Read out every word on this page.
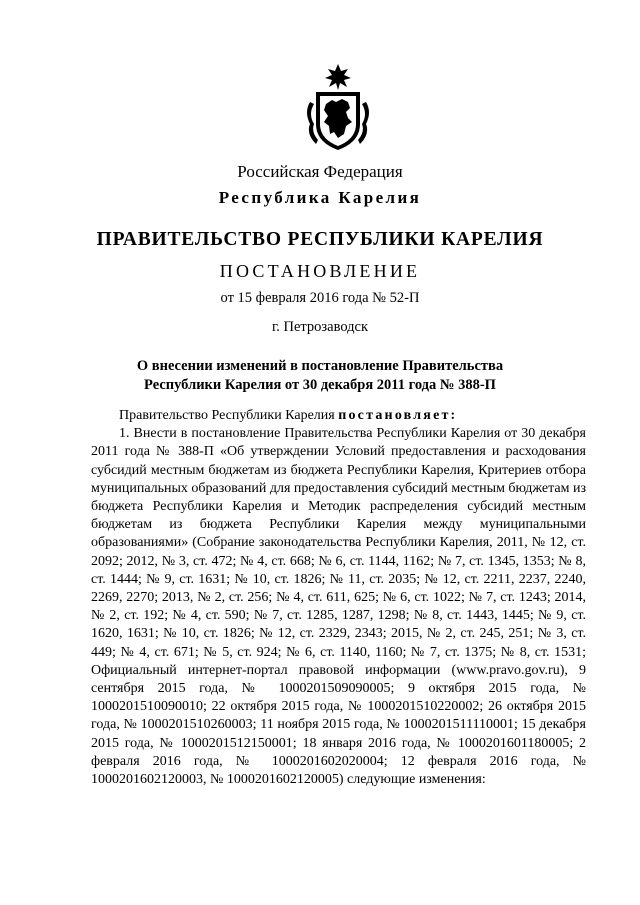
Российская Федерация
Республика Карелия
ПРАВИТЕЛЬСТВО РЕСПУБЛИКИ КАРЕЛИЯ
ПОСТАНОВЛЕНИЕ
от 15 февраля 2016 года № 52-П
г. Петрозаводск
О внесении изменений в постановление Правительства
Республики Карелия от 30 декабря 2011 года № 388-П

Правительство Республики Карелия постановляет:

1. Внести в постановление Правительства Республики Карелия от 30 декабря 2011 года № 388-П «Об утверждении Условий предоставления и расходования субсидий местным бюджетам из бюджета Республики Карелия, Критериев отбора муниципальных образований для предоставления субсидий местным бюджетам из бюджета Республики Карелия и Методик распределения субсидий местным бюджетам из бюджета Республики Карелия между муниципальными образованиями» (Собрание законодательства Республики Карелия, 2011, № 12, ст. 2092; 2012, № 3, ст. 472; № 4, ст. 668; № 6, ст. 1144, 1162; № 7, ст. 1345, 1353; № 8, ст. 1444; № 9, ст. 1631; № 10, ст. 1826; № 11, ст. 2035; № 12, ст. 2211, 2237, 2240, 2269, 2270; 2013, № 2, ст. 256; № 4, ст. 611, 625; № 6, ст. 1022; № 7, ст. 1243; 2014, № 2, ст. 192; № 4, ст. 590; № 7, ст. 1285, 1287, 1298; № 8, ст. 1443, 1445; № 9, ст. 1620, 1631; № 10, ст. 1826; № 12, ст. 2329, 2343; 2015, № 2, ст. 245, 251; № 3, ст. 449; № 4, ст. 671; № 5, ст. 924; № 6, ст. 1140, 1160; № 7, ст. 1375; № 8, ст. 1531; Официальный интернет-портал правовой информации (www.pravo.gov.ru), 9 сентября 2015 года, № 1000201509090005; 9 октября 2015 года, № 1000201510090010; 22 октября 2015 года, № 1000201510220002; 26 октября 2015 года, № 1000201510260003; 11 ноября 2015 года, № 1000201511110001; 15 декабря 2015 года, № 1000201512150001; 18 января 2016 года, № 1000201601180005; 2 февраля 2016 года, № 1000201602020004; 12 февраля 2016 года, № 1000201602120003, № 1000201602120005) следующие изменения:
